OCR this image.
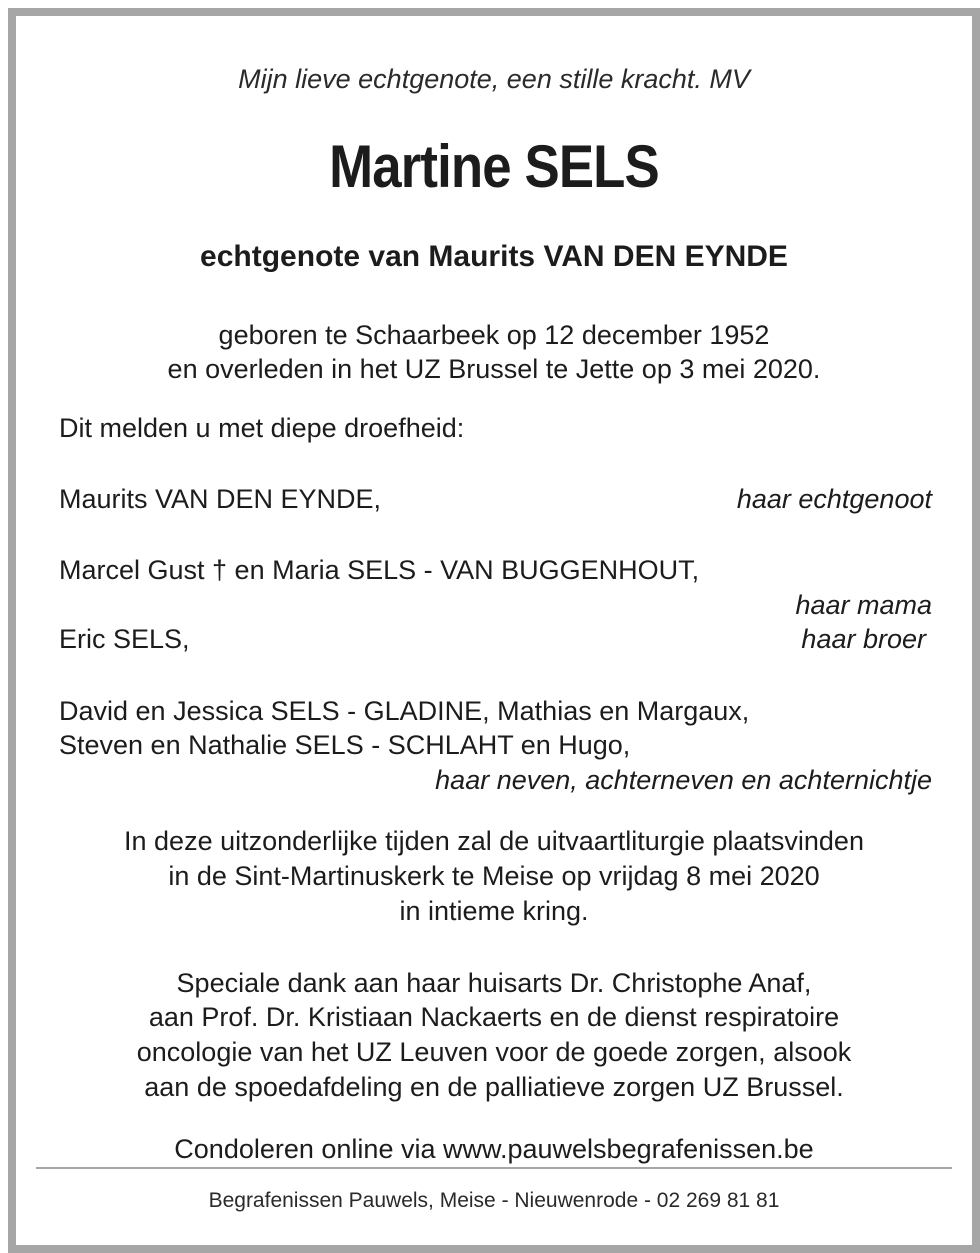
Mijn lieve echtgenote, een stille kracht. MV
Martine SELS
echtgenote van Maurits VAN DEN EYNDE
geboren te Schaarbeek op 12 december 1952
en overleden in het UZ Brussel te Jette op 3 mei 2020.
Dit melden u met diepe droefheid:
Maurits VAN DEN EYNDE,	haar echtgenoot
Marcel Gust † en Maria SELS - VAN BUGGENHOUT,
haar mama
Eric SELS,	haar broer
David en Jessica SELS - GLADINE, Mathias en Margaux,
Steven en Nathalie SELS - SCHLAHT en Hugo,
haar neven, achterneven en achternichtje
In deze uitzonderlijke tijden zal de uitvaartliturgie plaatsvinden
in de Sint-Martinuskerk te Meise op vrijdag 8 mei 2020
in intieme kring.
Speciale dank aan haar huisarts Dr. Christophe Anaf,
aan Prof. Dr. Kristiaan Nackaerts en de dienst respiratoire
oncologie van het UZ Leuven voor de goede zorgen, alsook
aan de spoedafdeling en de palliatieve zorgen UZ Brussel.
Condoleren online via www.pauwelsbegrafenissen.be
Begrafenissen Pauwels, Meise - Nieuwenrode - 02 269 81 81
